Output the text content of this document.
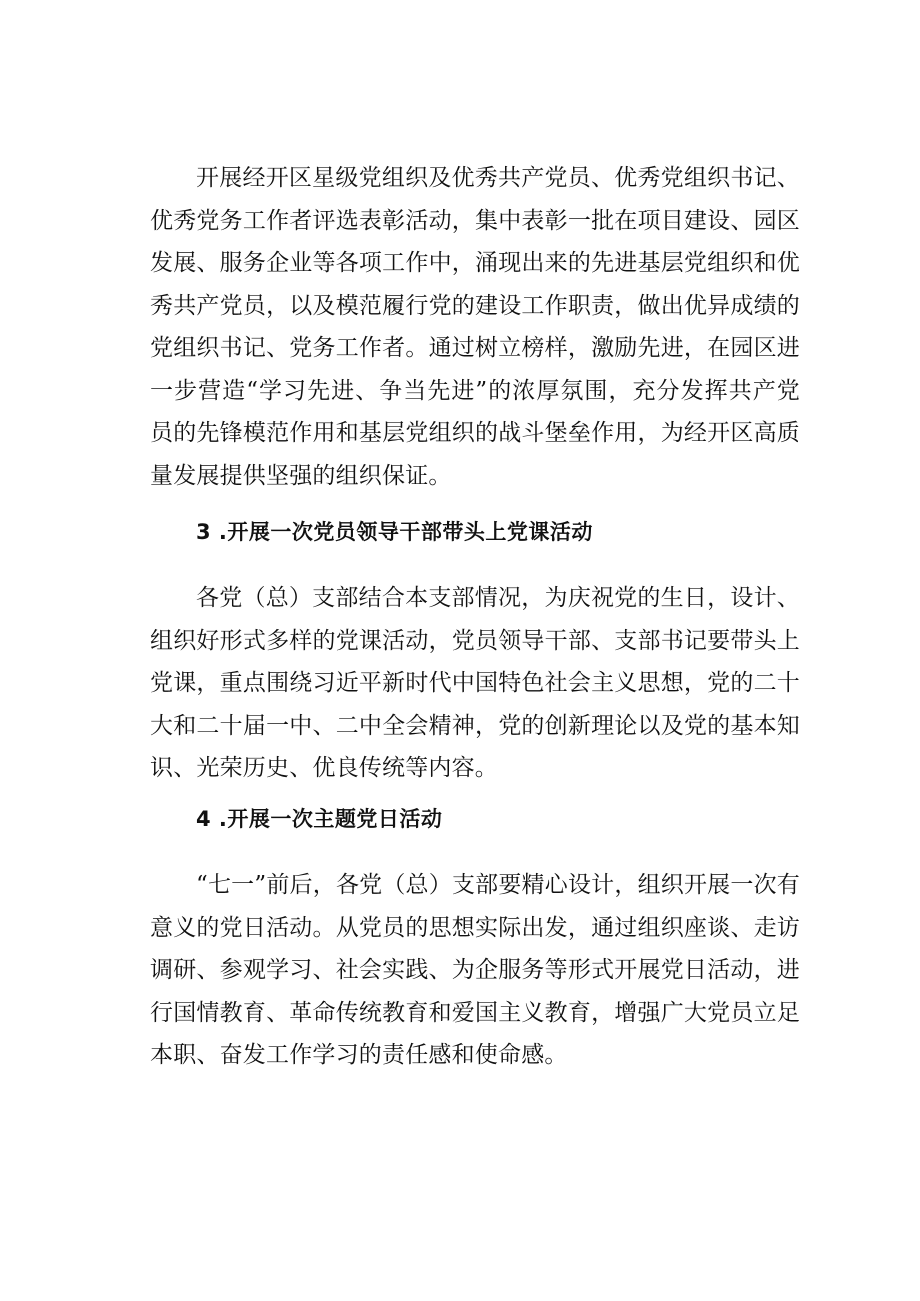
开展经开区星级党组织及优秀共产党员、优秀党组织书记、优秀党务工作者评选表彰活动，集中表彰一批在项目建设、园区发展、服务企业等各项工作中，涌现出来的先进基层党组织和优秀共产党员，以及模范履行党的建设工作职责，做出优异成绩的党组织书记、党务工作者。通过树立榜样，激励先进，在园区进一步营造“学习先进、争当先进”的浓厚氛围，充分发挥共产党员的先锋模范作用和基层党组织的战斗堡垒作用，为经开区高质量发展提供坚强的组织保证。

3 .开展一次党员领导干部带头上党课活动

各党（总）支部结合本支部情况，为庆祝党的生日，设计、组织好形式多样的党课活动，党员领导干部、支部书记要带头上党课，重点围绕习近平新时代中国特色社会主义思想，党的二十大和二十届一中、二中全会精神，党的创新理论以及党的基本知识、光荣历史、优良传统等内容。

4 .开展一次主题党日活动

“七一”前后，各党（总）支部要精心设计，组织开展一次有意义的党日活动。从党员的思想实际出发，通过组织座谈、走访调研、参观学习、社会实践、为企服务等形式开展党日活动，进行国情教育、革命传统教育和爱国主义教育，增强广大党员立足本职、奋发工作学习的责任感和使命感。
